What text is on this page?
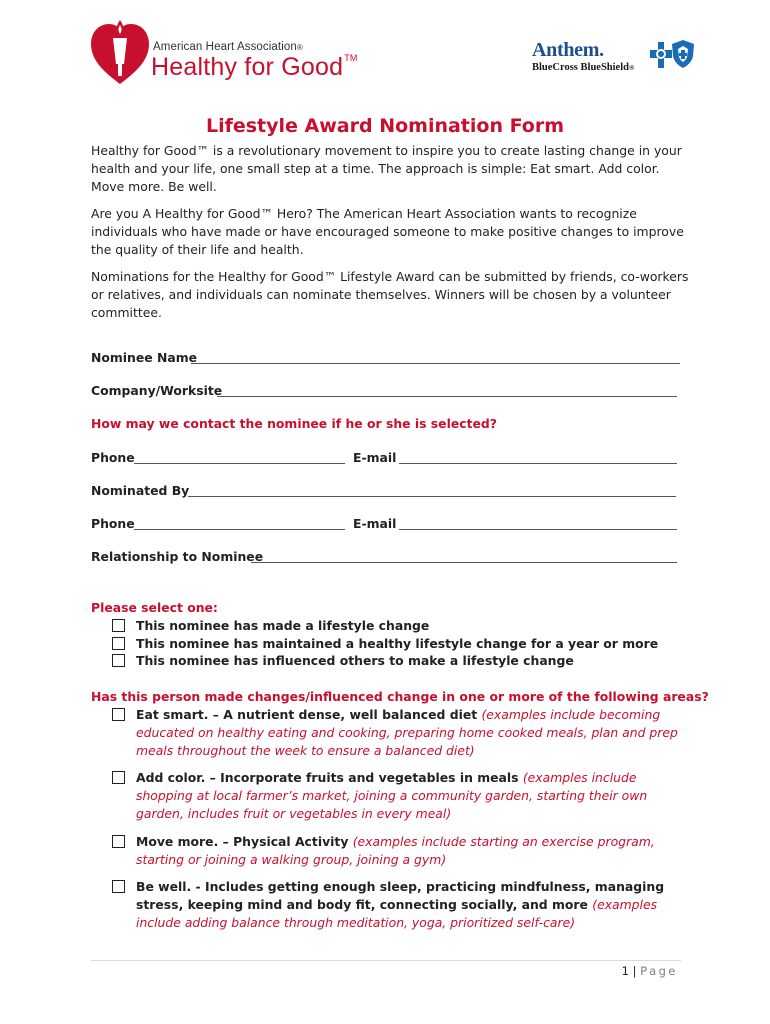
American Heart Association®
Healthy for Good™	Anthem.
BlueCross BlueShield®
Lifestyle Award Nomination Form

Healthy for Good™ is a revolutionary movement to inspire you to create lasting change in your health and your life, one small step at a time. The approach is simple: Eat smart. Add color. Move more. Be well.

Are you A Healthy for Good™ Hero? The American Heart Association wants to recognize individuals who have made or have encouraged someone to make positive changes to improve the quality of their life and health.

Nominations for the Healthy for Good™ Lifestyle Award can be submitted by friends, co-workers or relatives, and individuals can nominate themselves. Winners will be chosen by a volunteer committee.

Nominee Name
Company/Worksite
How may we contact the nominee if he or she is selected?
Phone	E-mail
Nominated By
Phone	E-mail
Relationship to Nominee
Please select one:
This nominee has made a lifestyle change
This nominee has maintained a healthy lifestyle change for a year or more
This nominee has influenced others to make a lifestyle change
Has this person made changes/influenced change in one or more of the following areas?
Eat smart. – A nutrient dense, well balanced diet (examples include becoming educated on healthy eating and cooking, preparing home cooked meals, plan and prep meals throughout the week to ensure a balanced diet)
Add color. – Incorporate fruits and vegetables in meals (examples include shopping at local farmer’s market, joining a community garden, starting their own garden, includes fruit or vegetables in every meal)
Move more. – Physical Activity (examples include starting an exercise program, starting or joining a walking group, joining a gym)
Be well. - Includes getting enough sleep, practicing mindfulness, managing stress, keeping mind and body fit, connecting socially, and more (examples include adding balance through meditation, yoga, prioritized self-care)
1 | Page
